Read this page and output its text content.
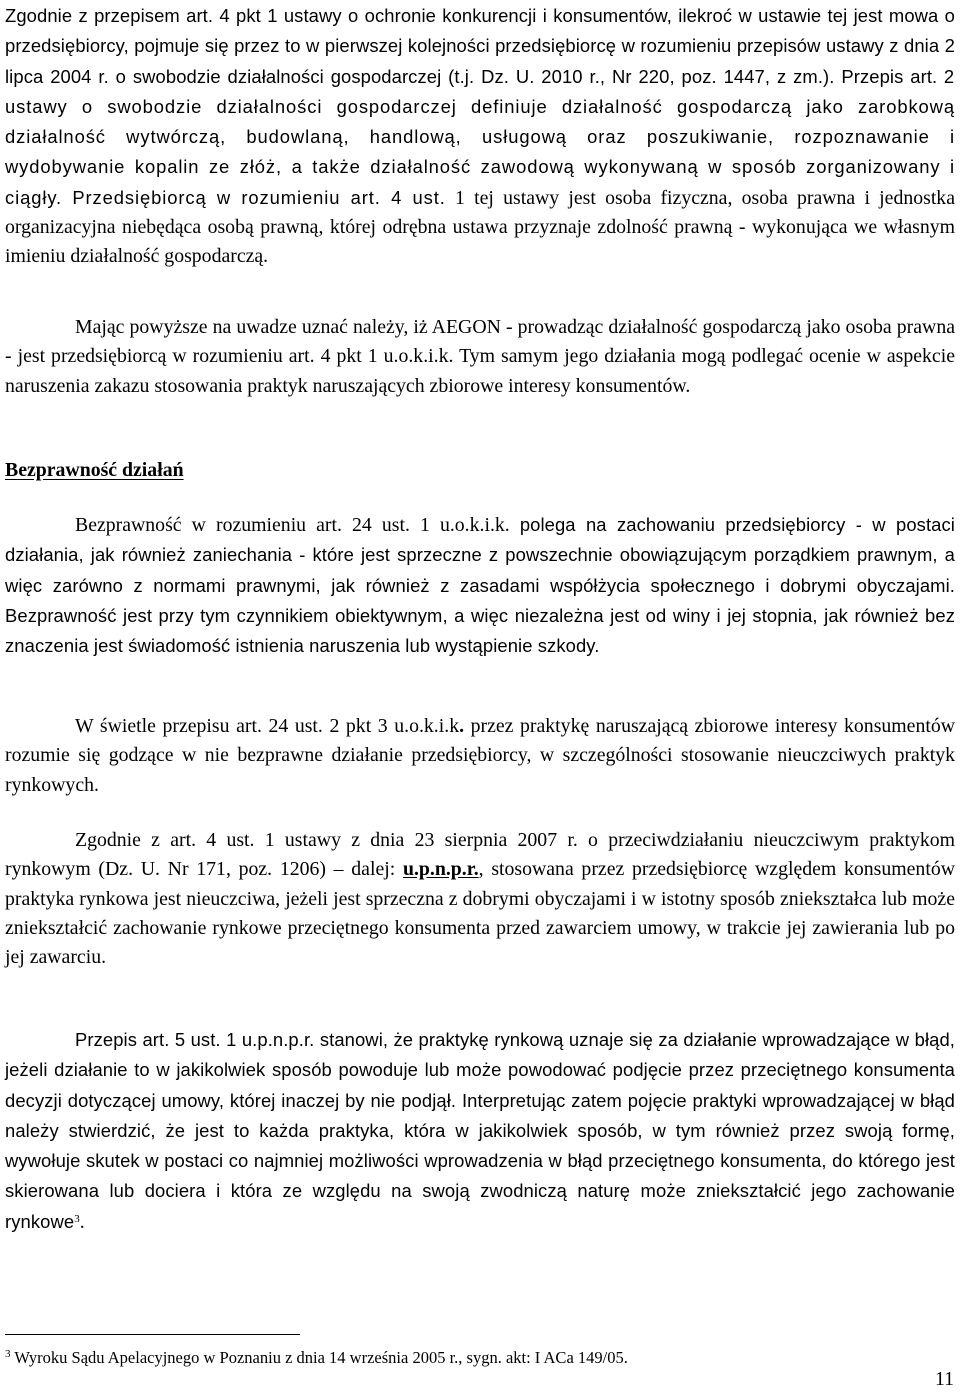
Zgodnie z przepisem art. 4 pkt 1 ustawy o ochronie konkurencji i konsumentów, ilekroć w ustawie tej jest mowa o przedsiębiorcy, pojmuje się przez to w pierwszej kolejności przedsiębiorcę w rozumieniu przepisów ustawy z dnia 2 lipca 2004 r. o swobodzie działalności gospodarczej (t.j. Dz. U. 2010 r., Nr 220, poz. 1447, z zm.). Przepis art. 2 ustawy o swobodzie działalności gospodarczej definiuje działalność gospodarczą jako zarobkową działalność wytwórczą, budowlaną, handlową, usługową oraz poszukiwanie, rozpoznawanie i wydobywanie kopalin ze złóż, a także działalność zawodową wykonywaną w sposób zorganizowany i ciągły. Przedsiębiorcą w rozumieniu art. 4 ust. 1 tej ustawy jest osoba fizyczna, osoba prawna i jednostka organizacyjna niebędąca osobą prawną, której odrębna ustawa przyznaje zdolność prawną - wykonująca we własnym imieniu działalność gospodarczą.

Mając powyższe na uwadze uznać należy, iż AEGON - prowadząc działalność gospodarczą jako osoba prawna - jest przedsiębiorcą w rozumieniu art. 4 pkt 1 u.o.k.i.k. Tym samym jego działania mogą podlegać ocenie w aspekcie naruszenia zakazu stosowania praktyk naruszających zbiorowe interesy konsumentów.

Bezprawność działań

Bezprawność w rozumieniu art. 24 ust. 1 u.o.k.i.k. polega na zachowaniu przedsiębiorcy - w postaci działania, jak również zaniechania - które jest sprzeczne z powszechnie obowiązującym porządkiem prawnym, a więc zarówno z normami prawnymi, jak również z zasadami współżycia społecznego i dobrymi obyczajami. Bezprawność jest przy tym czynnikiem obiektywnym, a więc niezależna jest od winy i jej stopnia, jak również bez znaczenia jest świadomość istnienia naruszenia lub wystąpienie szkody.

W świetle przepisu art. 24 ust. 2 pkt 3 u.o.k.i.k. przez praktykę naruszającą zbiorowe interesy konsumentów rozumie się godzące w nie bezprawne działanie przedsiębiorcy, w szczególności stosowanie nieuczciwych praktyk rynkowych.

Zgodnie z art. 4 ust. 1 ustawy z dnia 23 sierpnia 2007 r. o przeciwdziałaniu nieuczciwym praktykom rynkowym (Dz. U. Nr 171, poz. 1206) – dalej: u.p.n.p.r., stosowana przez przedsiębiorcę względem konsumentów praktyka rynkowa jest nieuczciwa, jeżeli jest sprzeczna z dobrymi obyczajami i w istotny sposób zniekształca lub może zniekształcić zachowanie rynkowe przeciętnego konsumenta przed zawarciem umowy, w trakcie jej zawierania lub po jej zawarciu.

Przepis art. 5 ust. 1 u.p.n.p.r. stanowi, że praktykę rynkową uznaje się za działanie wprowadzające w błąd, jeżeli działanie to w jakikolwiek sposób powoduje lub może powodować podjęcie przez przeciętnego konsumenta decyzji dotyczącej umowy, której inaczej by nie podjął. Interpretując zatem pojęcie praktyki wprowadzającej w błąd należy stwierdzić, że jest to każda praktyka, która w jakikolwiek sposób, w tym również przez swoją formę, wywołuje skutek w postaci co najmniej możliwości wprowadzenia w błąd przeciętnego konsumenta, do którego jest skierowana lub dociera i która ze względu na swoją zwodniczą naturę może zniekształcić jego zachowanie rynkowe$^3$.

$^3$ Wyroku Sądu Apelacyjnego w Poznaniu z dnia 14 września 2005 r., sygn. akt: I ACa 149/05.

11
